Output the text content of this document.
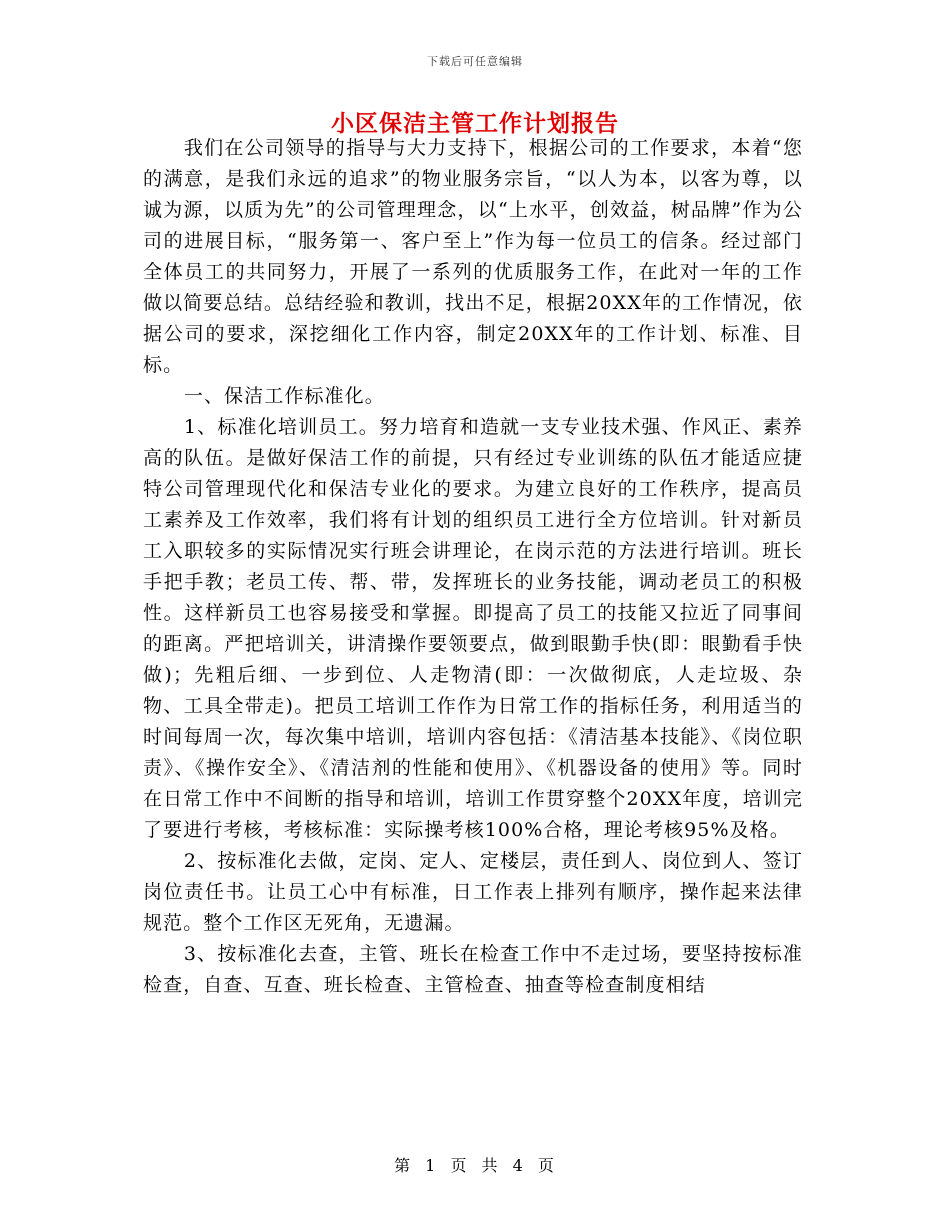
下载后可任意编辑
小区保洁主管工作计划报告

我们在公司领导的指导与大力支持下，根据公司的工作要求，本着“您的满意，是我们永远的追求”的物业服务宗旨，“以人为本，以客为尊，以诚为源，以质为先”的公司管理理念，以“上水平，创效益，树品牌”作为公司的进展目标，“服务第一、客户至上”作为每一位员工的信条。经过部门全体员工的共同努力，开展了一系列的优质服务工作，在此对一年的工作做以简要总结。总结经验和教训，找出不足，根据20XX年的工作情况，依据公司的要求，深挖细化工作内容，制定20XX年的工作计划、标准、目标。

一、保洁工作标准化。

1、标准化培训员工。努力培育和造就一支专业技术强、作风正、素养高的队伍。是做好保洁工作的前提，只有经过专业训练的队伍才能适应捷特公司管理现代化和保洁专业化的要求。为建立良好的工作秩序，提高员工素养及工作效率，我们将有计划的组织员工进行全方位培训。针对新员工入职较多的实际情况实行班会讲理论，在岗示范的方法进行培训。班长手把手教；老员工传、帮、带，发挥班长的业务技能，调动老员工的积极性。这样新员工也容易接受和掌握。即提高了员工的技能又拉近了同事间的距离。严把培训关，讲清操作要领要点，做到眼勤手快(即：眼勤看手快做)；先粗后细、一步到位、人走物清(即：一次做彻底，人走垃圾、杂物、工具全带走)。把员工培训工作作为日常工作的指标任务，利用适当的时间每周一次，每次集中培训，培训内容包括：《清洁基本技能》、《岗位职责》、《操作安全》、《清洁剂的性能和使用》、《机器设备的使用》等。同时在日常工作中不间断的指导和培训，培训工作贯穿整个20XX年度，培训完了要进行考核，考核标准：实际操考核100%合格，理论考核95%及格。

2、按标准化去做，定岗、定人、定楼层，责任到人、岗位到人、签订岗位责任书。让员工心中有标准，日工作表上排列有顺序，操作起来法律规范。整个工作区无死角，无遗漏。

3、按标准化去查，主管、班长在检查工作中不走过场，要坚持按标准检查，自查、互查、班长检查、主管检查、抽查等检查制度相结

第 1 页 共 4 页
